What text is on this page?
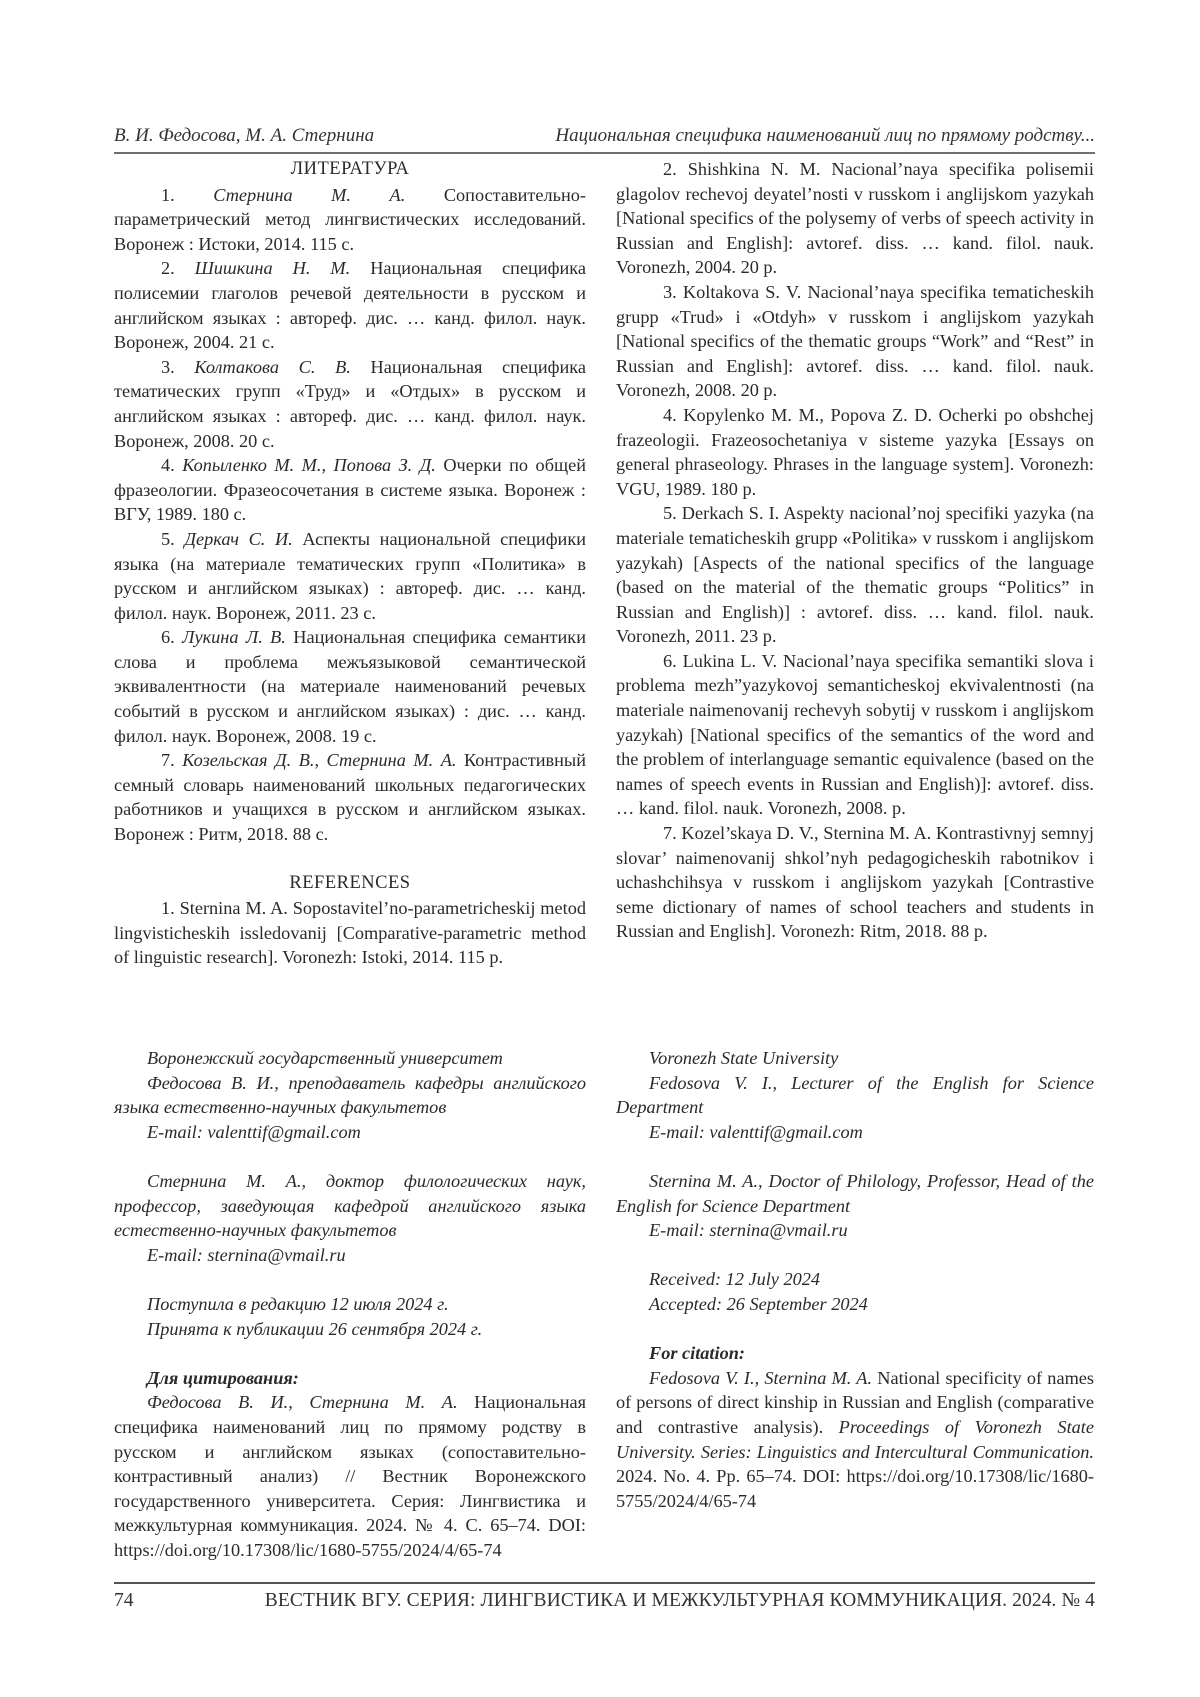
В. И. Федосова, М. А. Стернина	Национальная специфика наименований лиц по прямому родству...

ЛИТЕРАТУРА

1. Стернина М. А. Сопоставительно-параметрический метод лингвистических исследований. Воронеж : Истоки, 2014. 115 с.

2. Шишкина Н. М. Национальная специфика полисемии глаголов речевой деятельности в русском и английском языках : автореф. дис. … канд. филол. наук. Воронеж, 2004. 21 с.

3. Колтакова С. В. Национальная специфика тематических групп «Труд» и «Отдых» в русском и английском языках : автореф. дис. … канд. филол. наук. Воронеж, 2008. 20 с.

4. Копыленко М. М., Попова З. Д. Очерки по общей фразеологии. Фразеосочетания в системе языка. Воронеж : ВГУ, 1989. 180 с.

5. Деркач С. И. Аспекты национальной специфики языка (на материале тематических групп «Политика» в русском и английском языках) : автореф. дис. … канд. филол. наук. Воронеж, 2011. 23 с.

6. Лукина Л. В. Национальная специфика семантики слова и проблема межъязыковой семантической эквивалентности (на материале наименований речевых событий в русском и английском языках) : дис. … канд. филол. наук. Воронеж, 2008. 19 с.

7. Козельская Д. В., Стернина М. А. Контрастивный семный словарь наименований школьных педагогических работников и учащихся в русском и английском языках. Воронеж : Ритм, 2018. 88 с.

REFERENCES

1. Sternina M. A. Sopostavitel’no-parametricheskij metod lingvisticheskih issledovanij [Comparative-parametric method of linguistic research]. Voronezh: Istoki, 2014. 115 p.

2. Shishkina N. M. Nacional’naya specifika polisemii glagolov rechevoj deyatel’nosti v russkom i anglijskom yazykah [National specifics of the polysemy of verbs of speech activity in Russian and English]: avtoref. diss. … kand. filol. nauk. Voronezh, 2004. 20 p.

3. Koltakova S. V. Nacional’naya specifika tematicheskih grupp «Trud» i «Otdyh» v russkom i anglijskom yazykah [National specifics of the thematic groups “Work” and “Rest” in Russian and English]: avtoref. diss. … kand. filol. nauk. Voronezh, 2008. 20 p.

4. Kopylenko M. M., Popova Z. D. Ocherki po obshchej frazeologii. Frazeosochetaniya v sisteme yazyka [Essays on general phraseology. Phrases in the language system]. Voronezh: VGU, 1989. 180 p.

5. Derkach S. I. Aspekty nacional’noj specifiki yazyka (na materiale tematicheskih grupp «Politika» v russkom i anglijskom yazykah) [Aspects of the national specifics of the language (based on the material of the thematic groups “Politics” in Russian and English)] : avtoref. diss. … kand. filol. nauk. Voronezh, 2011. 23 p.

6. Lukina L. V. Nacional’naya specifika semantiki slova i problema mezh”yazykovoj semanticheskoj ekvivalentnosti (na materiale naimenovanij rechevyh sobytij v russkom i anglijskom yazykah) [National specifics of the semantics of the word and the problem of interlanguage semantic equivalence (based on the names of speech events in Russian and English)]: avtoref. diss. … kand. filol. nauk. Voronezh, 2008. p.

7. Kozel’skaya D. V., Sternina M. A. Kontrastivnyj semnyj slovar’ naimenovanij shkol’nyh pedagogicheskih rabotnikov i uchashchihsya v russkom i anglijskom yazykah [Contrastive seme dictionary of names of school teachers and students in Russian and English]. Voronezh: Ritm, 2018. 88 p.

Воронежский государственный университет

Федосова В. И., преподаватель кафедры английского языка естественно-научных факультетов

E-mail: valenttif@gmail.com

Стернина М. А., доктор филологических наук, профессор, заведующая кафедрой английского языка естественно-научных факультетов

E-mail: sternina@vmail.ru

Поступила в редакцию 12 июля 2024 г.

Принята к публикации 26 сентября 2024 г.

Для цитирования:

Федосова В. И., Стернина М. А. Национальная специфика наименований лиц по прямому родству в русском и английском языках (сопоставительно-контрастивный анализ) // Вестник Воронежского государственного университета. Серия: Лингвистика и межкультурная коммуникация. 2024. № 4. С. 65–74. DOI: https://doi.org/10.17308/lic/1680-5755/2024/4/65-74

Voronezh State University

Fedosova V. I., Lecturer of the English for Science Department

E-mail: valenttif@gmail.com

Sternina M. A., Doctor of Philology, Professor, Head of the English for Science Department

E-mail: sternina@vmail.ru

Received: 12 July 2024

Accepted: 26 September 2024

For citation:

Fedosova V. I., Sternina M. A. National specificity of names of persons of direct kinship in Russian and English (comparative and contrastive analysis). Proceedings of Voronezh State University. Series: Linguistics and Intercultural Communication. 2024. No. 4. Pp. 65–74. DOI: https://doi.org/10.17308/lic/1680-5755/2024/4/65-74

74	ВЕСТНИК ВГУ. СЕРИЯ: ЛИНГВИСТИКА И МЕЖКУЛЬТУРНАЯ КОММУНИКАЦИЯ. 2024. № 4
